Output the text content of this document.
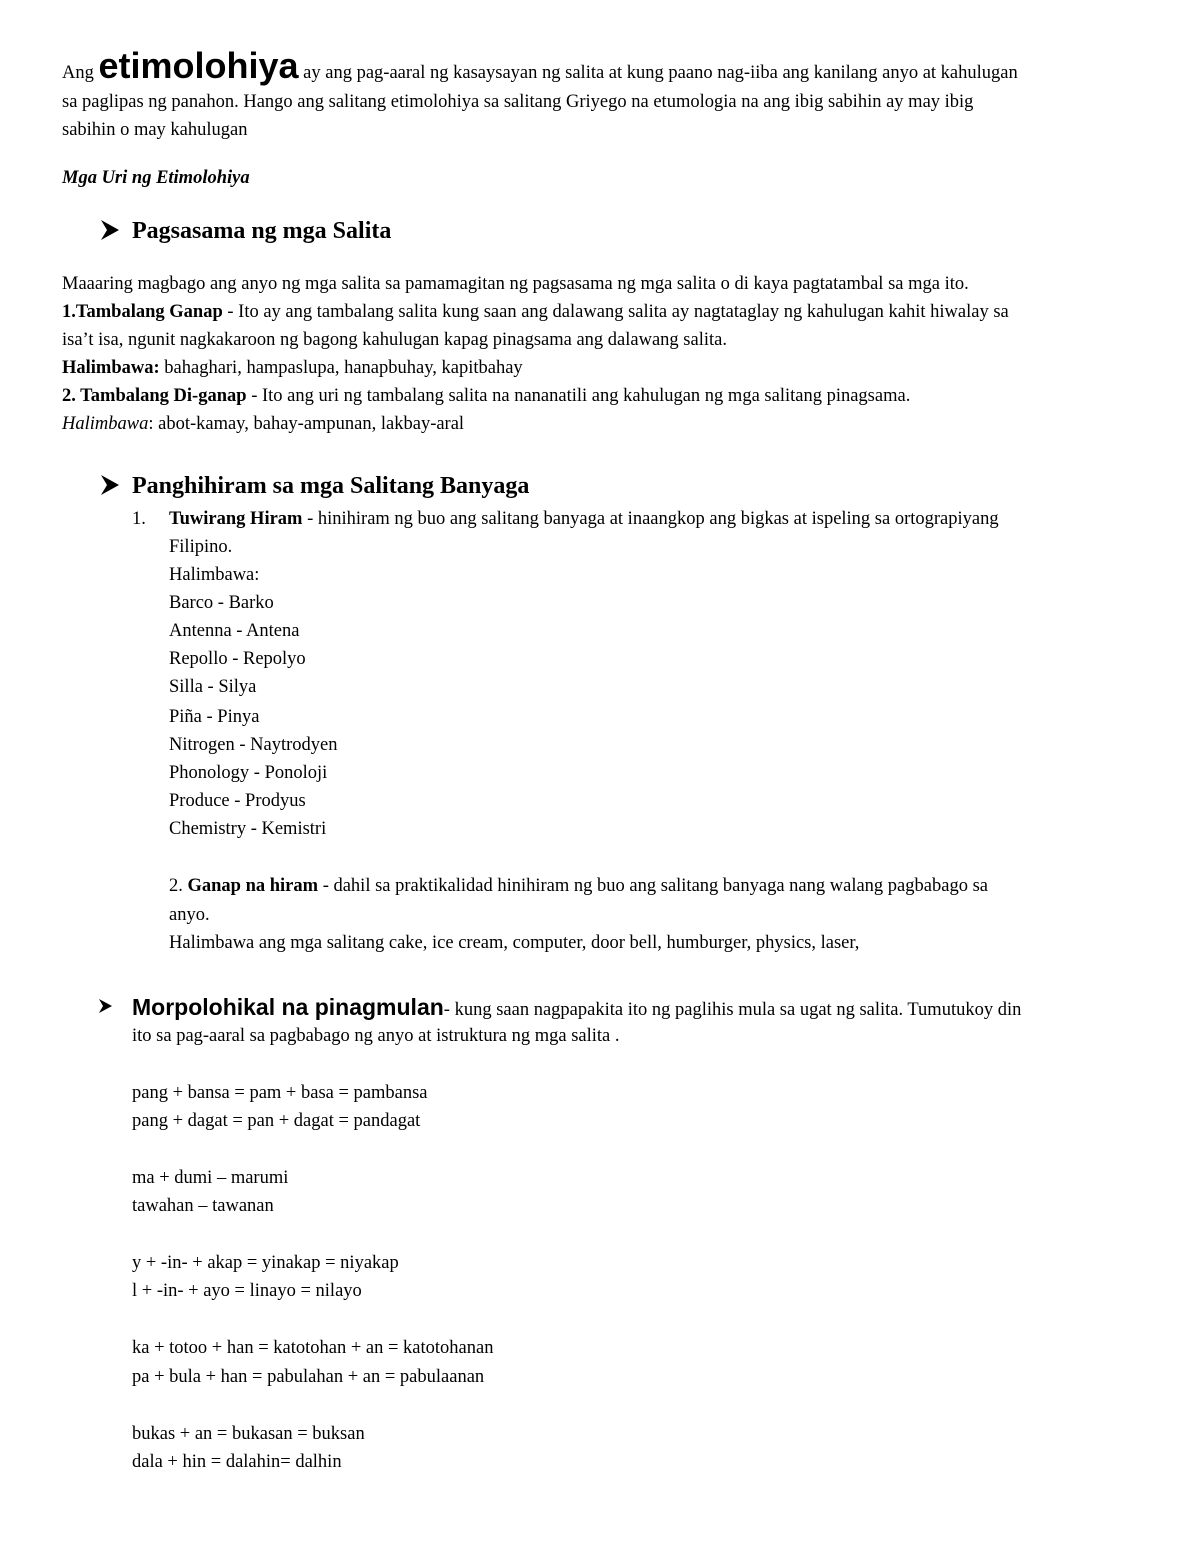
Ang etimolohiya ay ang pag-aaral ng kasaysayan ng salita at kung paano nag-iiba ang kanilang anyo at kahulugan
sa paglipas ng panahon. Hango ang salitang etimolohiya sa salitang Griyego na etumologia na ang ibig sabihin ay may ibig
sabihin o may kahulugan
Mga Uri ng Etimolohiya
Pagsasama ng mga Salita
Maaaring magbago ang anyo ng mga salita sa pamamagitan ng pagsasama ng mga salita o di kaya pagtatambal sa mga ito.
1.Tambalang Ganap - Ito ay ang tambalang salita kung saan ang dalawang salita ay nagtataglay ng kahulugan kahit hiwalay sa
isa’t isa, ngunit nagkakaroon ng bagong kahulugan kapag pinagsama ang dalawang salita.
Halimbawa: bahaghari, hampaslupa, hanapbuhay, kapitbahay
2. Tambalang Di-ganap - Ito ang uri ng tambalang salita na nananatili ang kahulugan ng mga salitang pinagsama.
Halimbawa: abot-kamay, bahay-ampunan, lakbay-aral
Panghihiram sa mga Salitang Banyaga
1. Tuwirang Hiram - hinihiram ng buo ang salitang banyaga at inaangkop ang bigkas at ispeling sa ortograpiyang
Filipino.
Halimbawa:
Barco - Barko
Antenna - Antena
Repollo - Repolyo
Silla - Silya
Piña - Pinya
Nitrogen - Naytrodyen
Phonology - Ponoloji
Produce - Prodyus
Chemistry - Kemistri
2. Ganap na hiram - dahil sa praktikalidad hinihiram ng buo ang salitang banyaga nang walang pagbabago sa
anyo.
Halimbawa ang mga salitang cake, ice cream, computer, door bell, humburger, physics, laser,
Morpolohikal na pinagmulan- kung saan nagpapakita ito ng paglihis mula sa ugat ng salita. Tumutukoy din
ito sa pag-aaral sa pagbabago ng anyo at istruktura ng mga salita .
pang + bansa = pam + basa = pambansa
pang + dagat = pan + dagat = pandagat
ma + dumi – marumi
tawahan – tawanan
y + -in- + akap = yinakap = niyakap
l + -in- + ayo = linayo = nilayo
ka + totoo + han = katotohan + an = katotohanan
pa + bula + han = pabulahan + an = pabulaanan
bukas + an = bukasan = buksan
dala + hin = dalahin= dalhin
